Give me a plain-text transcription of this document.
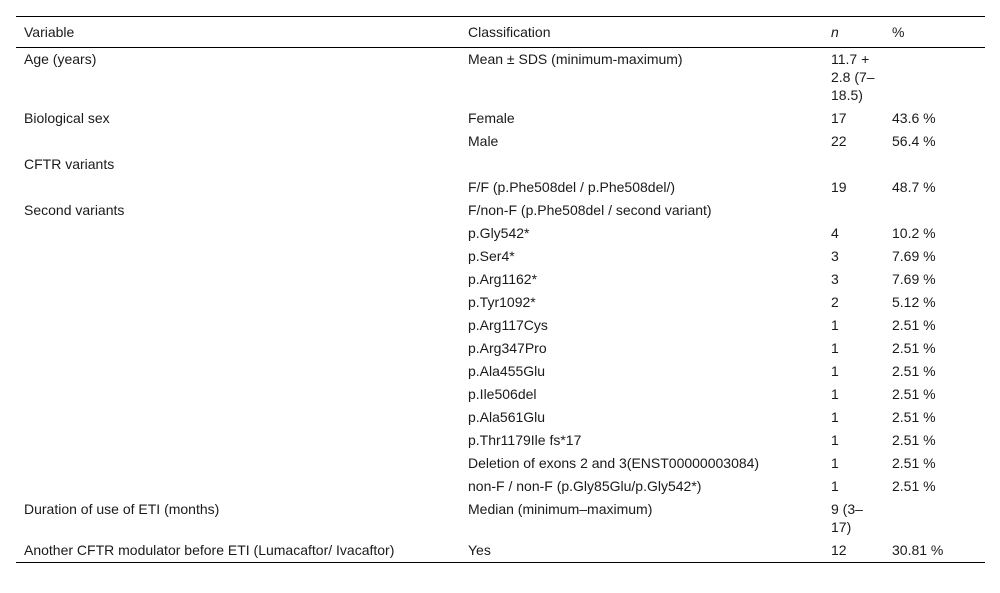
Variable	Classification	n	%
Age (years)	Mean ± SDS (minimum-maximum)	11.7 + 2.8 (7–18.5)	
Biological sex	Female	17	43.6 %
	Male	22	56.4 %
CFTR variants			
	F/F (p.Phe508del / p.Phe508del/)	19	48.7 %
Second variants	F/non-F (p.Phe508del / second variant)		
	p.Gly542*	4	10.2 %
	p.Ser4*	3	7.69 %
	p.Arg1162*	3	7.69 %
	p.Tyr1092*	2	5.12 %
	p.Arg117Cys	1	2.51 %
	p.Arg347Pro	1	2.51 %
	p.Ala455Glu	1	2.51 %
	p.Ile506del	1	2.51 %
	p.Ala561Glu	1	2.51 %
	p.Thr1179Ile fs*17	1	2.51 %
	Deletion of exons 2 and 3(ENST00000003084)	1	2.51 %
	non-F / non-F (p.Gly85Glu/p.Gly542*)	1	2.51 %
Duration of use of ETI (months)	Median (minimum–maximum)	9 (3–17)	
Another CFTR modulator before ETI (Lumacaftor/ Ivacaftor)	Yes	12	30.81 %
